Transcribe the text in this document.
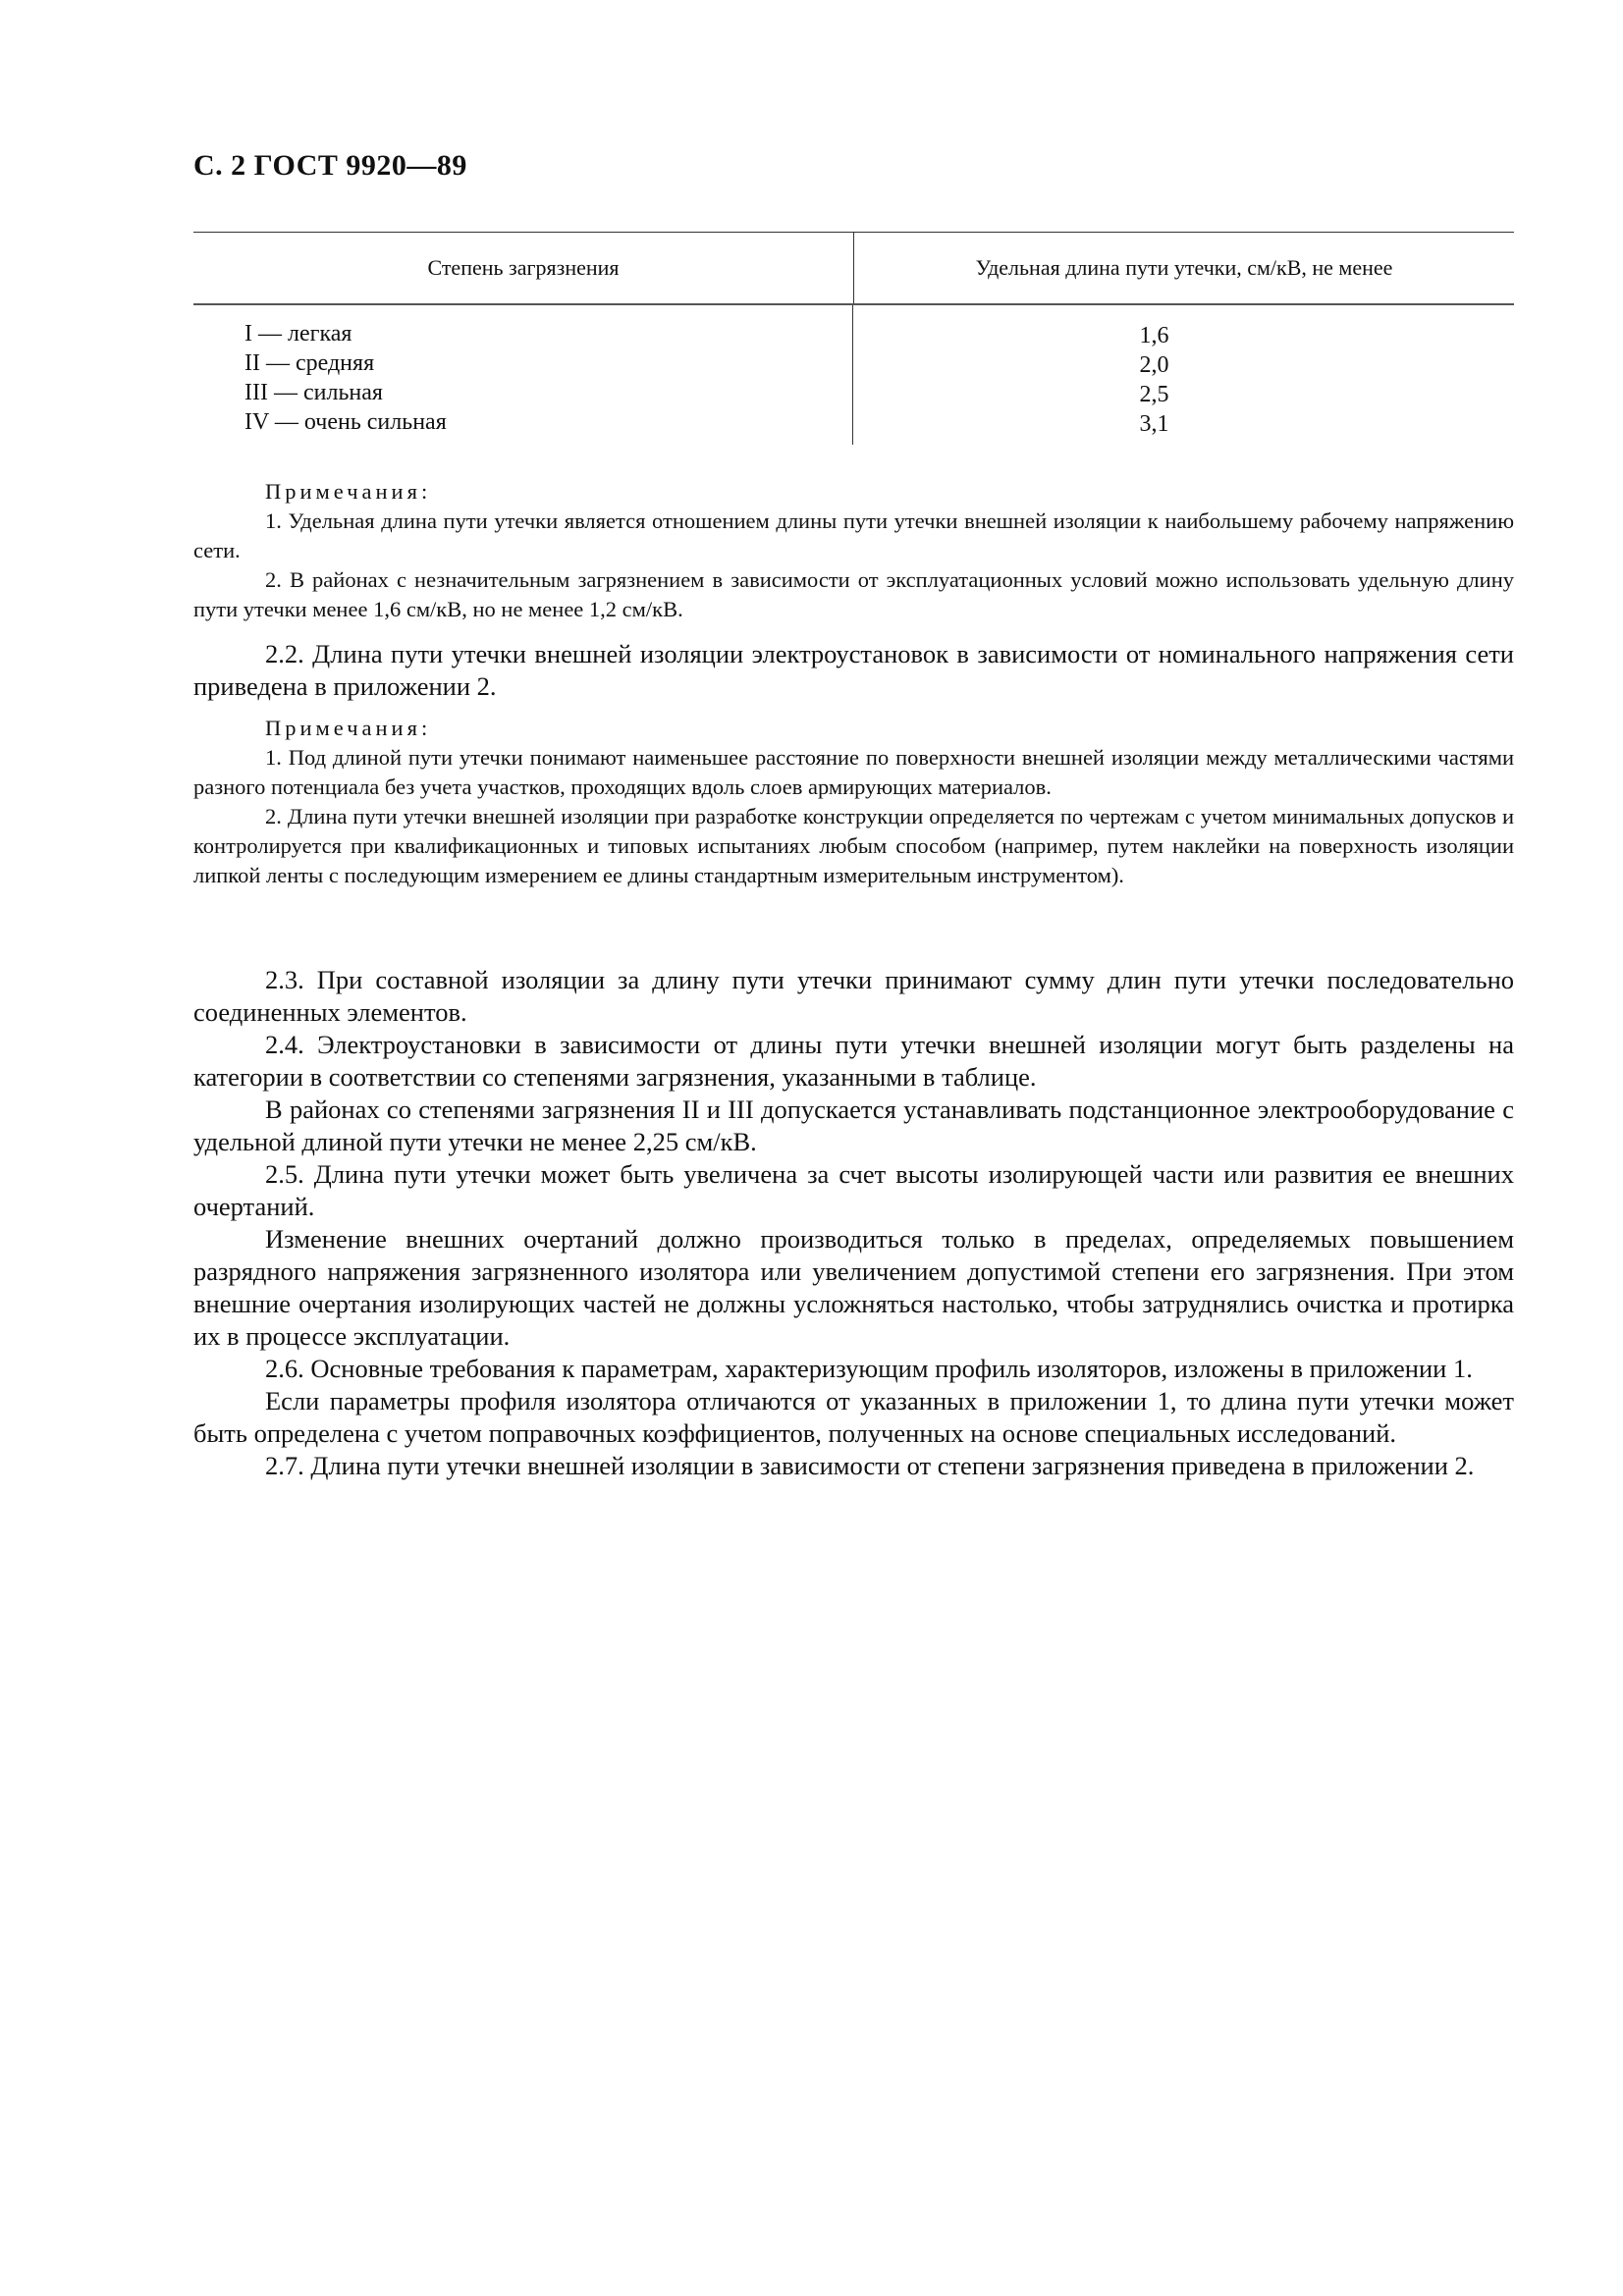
С. 2 ГОСТ 9920—89
Степень загрязнения	Удельная длина пути утечки, см/кВ, не менее
I — легкая
II — средняя
III — сильная
IV — очень сильная
1,6
2,0
2,5
3,1

Примечания:

1. Удельная длина пути утечки является отношением длины пути утечки внешней изоляции к наибольшему рабочему напряжению сети.

2. В районах с незначительным загрязнением в зависимости от эксплуатационных условий можно использовать удельную длину пути утечки менее 1,6 см/кВ, но не менее 1,2 см/кВ.

2.2. Длина пути утечки внешней изоляции электроустановок в зависимости от номинального напряжения сети приведена в приложении 2.

Примечания:

1. Под длиной пути утечки понимают наименьшее расстояние по поверхности внешней изоляции между металлическими частями разного потенциала без учета участков, проходящих вдоль слоев армирующих материалов.

2. Длина пути утечки внешней изоляции при разработке конструкции определяется по чертежам с учетом минимальных допусков и контролируется при квалификационных и типовых испытаниях любым способом (например, путем наклейки на поверхность изоляции липкой ленты с последующим измерением ее длины стандартным измерительным инструментом).

2.3. При составной изоляции за длину пути утечки принимают сумму длин пути утечки последовательно соединенных элементов.

2.4. Электроустановки в зависимости от длины пути утечки внешней изоляции могут быть разделены на категории в соответствии со степенями загрязнения, указанными в таблице.

В районах со степенями загрязнения II и III допускается устанавливать подстанционное электрооборудование с удельной длиной пути утечки не менее 2,25 см/кВ.

2.5. Длина пути утечки может быть увеличена за счет высоты изолирующей части или развития ее внешних очертаний.

Изменение внешних очертаний должно производиться только в пределах, определяемых повышением разрядного напряжения загрязненного изолятора или увеличением допустимой степени его загрязнения. При этом внешние очертания изолирующих частей не должны усложняться настолько, чтобы затруднялись очистка и протирка их в процессе эксплуатации.

2.6. Основные требования к параметрам, характеризующим профиль изоляторов, изложены в приложении 1.

Если параметры профиля изолятора отличаются от указанных в приложении 1, то длина пути утечки может быть определена с учетом поправочных коэффициентов, полученных на основе специальных исследований.

2.7. Длина пути утечки внешней изоляции в зависимости от степени загрязнения приведена в приложении 2.
